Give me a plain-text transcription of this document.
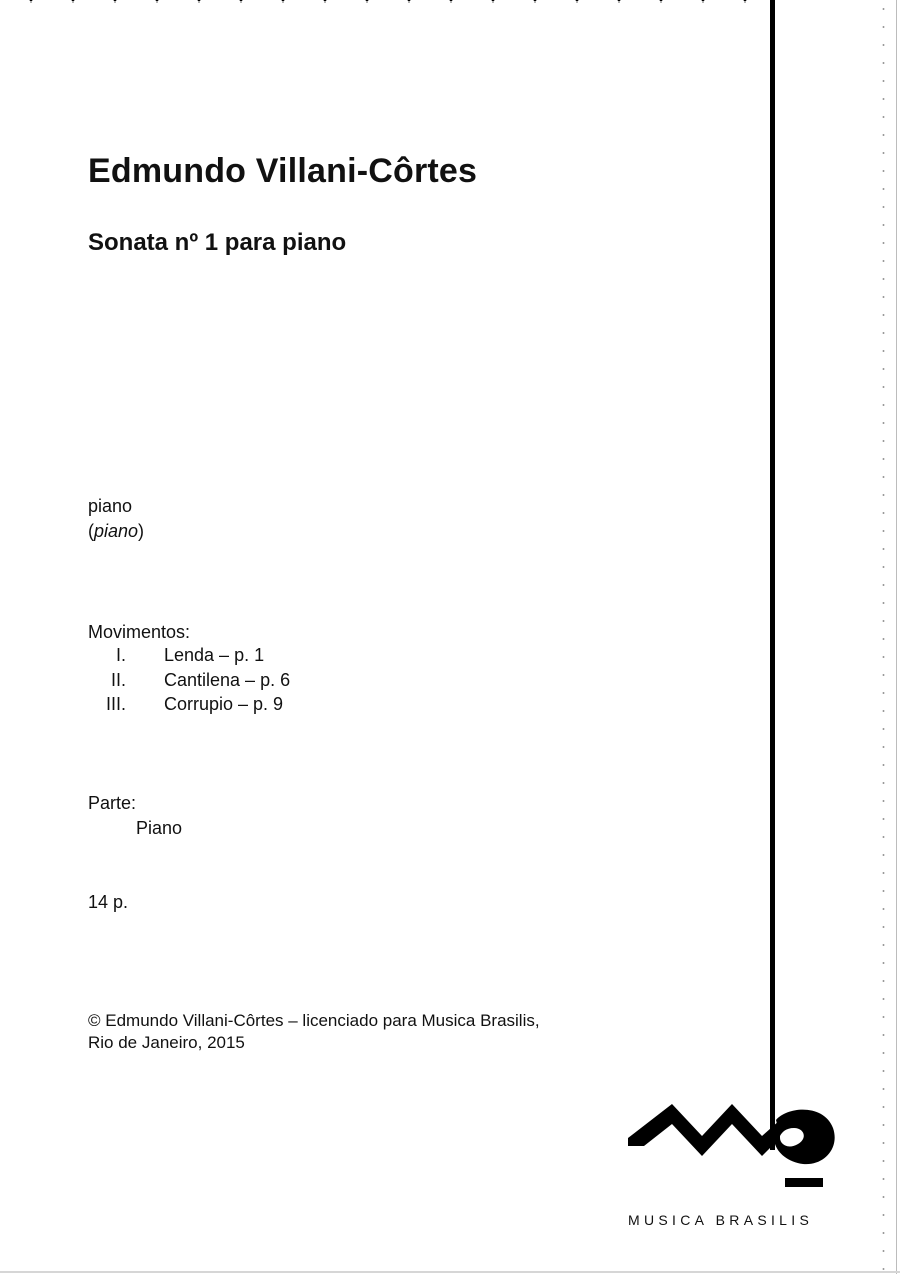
Edmundo Villani-Côrtes
Sonata nº 1 para piano
piano
(piano)
Movimentos:
I. Lenda – p. 1
II. Cantilena – p. 6
III. Corrupio – p. 9
Parte:
Piano
14 p.
© Edmundo Villani-Côrtes – licenciado para Musica Brasilis,
Rio de Janeiro, 2015
MUSICA BRASILIS
